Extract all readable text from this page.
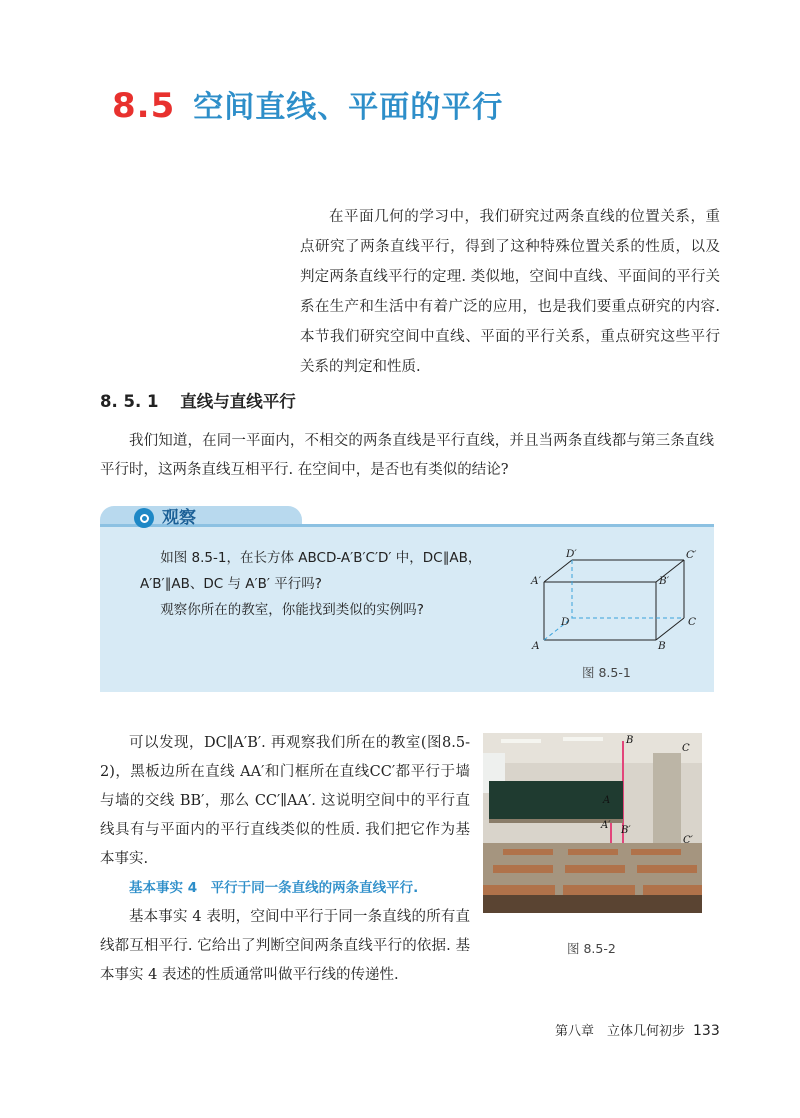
8.5 空间直线、平面的平行
在平面几何的学习中，我们研究过两条直线的位置关系，重点研究了两条直线平行，得到了这种特殊位置关系的性质，以及判定两条直线平行的定理. 类似地，空间中直线、平面间的平行关系在生产和生活中有着广泛的应用，也是我们要重点研究的内容. 本节我们研究空间中直线、平面的平行关系，重点研究这些平行关系的判定和性质.
8. 5. 1 直线与直线平行
我们知道，在同一平面内，不相交的两条直线是平行直线，并且当两条直线都与第三条直线平行时，这两条直线互相平行. 在空间中，是否也有类似的结论?
观察

如图 8.5-1，在长方体 ABCD-A′B′C′D′ 中，DC∥AB，

A′B′∥AB、DC 与 A′B′ 平行吗?

观察你所在的教室，你能找到类似的实例吗?

D′	C′
A′	B′
D	C
A	B
图 8.5-1

可以发现，DC∥A′B′. 再观察我们所在的教室(图8.5-2)，黑板边所在直线 AA′和门框所在直线CC′都平行于墙与墙的交线 BB′，那么 CC′∥AA′. 这说明空间中的平行直线具有与平面内的平行直线类似的性质. 我们把它作为基本事实.

基本事实 4　平行于同一条直线的两条直线平行.

基本事实 4 表明，空间中平行于同一条直线的所有直线都互相平行. 它给出了判断空间两条直线平行的依据. 基本事实 4 表述的性质通常叫做平行线的传递性.

B
C
A
A′ B′
C′
图 8.5-2
第八章　立体几何初步 133
